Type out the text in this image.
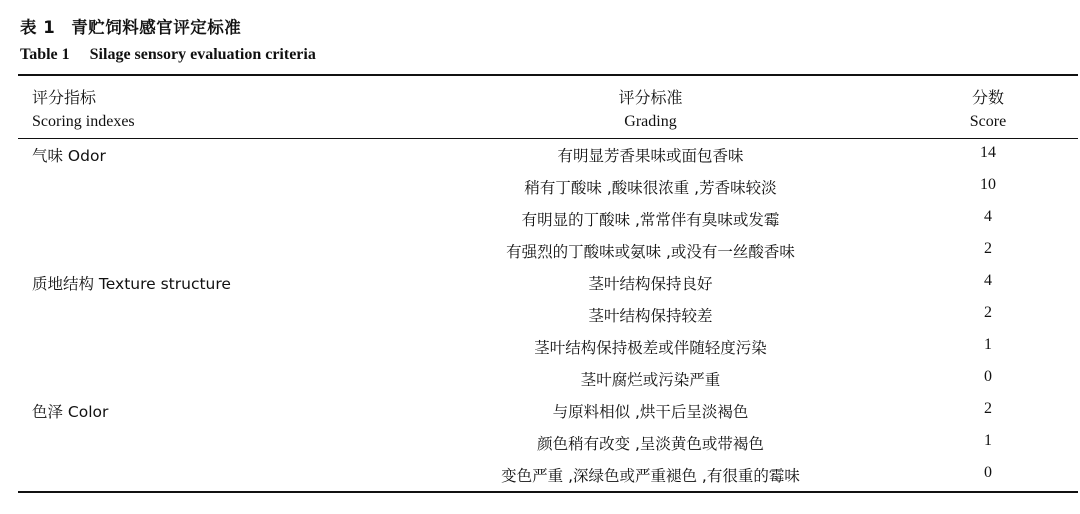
表 1 青贮饲料感官评定标准
Table 1 Silage sensory evaluation criteria

评分指标	评分标准	分数
Scoring indexes	Grading	Score

气味 Odor	有明显芳香果味或面包香味	14
	稍有丁酸味 ,酸味很浓重 ,芳香味较淡	10
	有明显的丁酸味 ,常常伴有臭味或发霉	4
	有强烈的丁酸味或氨味 ,或没有一丝酸香味	2
质地结构 Texture structure	茎叶结构保持良好	4
	茎叶结构保持较差	2
	茎叶结构保持极差或伴随轻度污染	1
	茎叶腐烂或污染严重	0
色泽 Color	与原料相似 ,烘干后呈淡褐色	2
	颜色稍有改变 ,呈淡黄色或带褐色	1
	变色严重 ,深绿色或严重褪色 ,有很重的霉味	0
